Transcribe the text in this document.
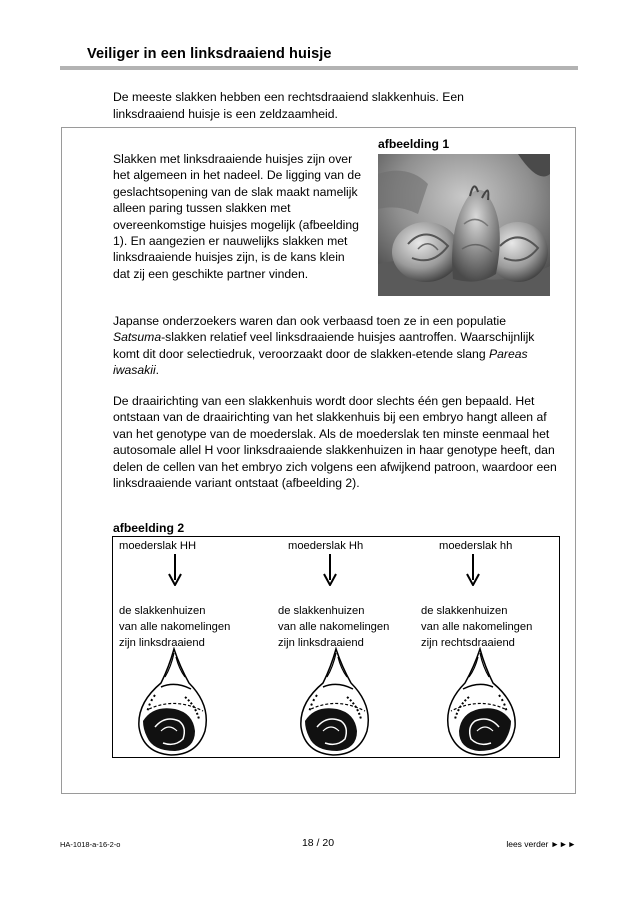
Veiliger in een linksdraaiend huisje
De meeste slakken hebben een rechtsdraaiend slakkenhuis. Een linksdraaiend huisje is een zeldzaamheid.
afbeelding 1

Slakken met linksdraaiende huisjes zijn over het algemeen in het nadeel. De ligging van de geslachtsopening van de slak maakt namelijk alleen paring tussen slakken met overeenkomstige huisjes mogelijk (afbeelding 1). En aangezien er nauwelijks slakken met linksdraaiende huisjes zijn, is de kans klein dat zij een geschikte partner vinden.

Japanse onderzoekers waren dan ook verbaasd toen ze in een populatie Satsuma-slakken relatief veel linksdraaiende huisjes aantroffen. Waarschijnlijk komt dit door selectiedruk, veroorzaakt door de slakken-etende slang Pareas iwasakii.

De draairichting van een slakkenhuis wordt door slechts één gen bepaald. Het ontstaan van de draairichting van het slakkenhuis bij een embryo hangt alleen af van het genotype van de moederslak. Als de moederslak ten minste eenmaal het autosomale allel H voor linksdraaiende slakkenhuizen in haar genotype heeft, dan delen de cellen van het embryo zich volgens een afwijkend patroon, waardoor een linksdraaiende variant ontstaat (afbeelding 2).

afbeelding 2
moederslak HH
de slakkenhuizen
van alle nakomelingen
zijn linksdraaiend
moederslak Hh
de slakkenhuizen
van alle nakomelingen
zijn linksdraaiend
moederslak hh
de slakkenhuizen
van alle nakomelingen
zijn rechtsdraaiend
HA-1018-a-16-2-o	18 / 20	lees verder ►►►
